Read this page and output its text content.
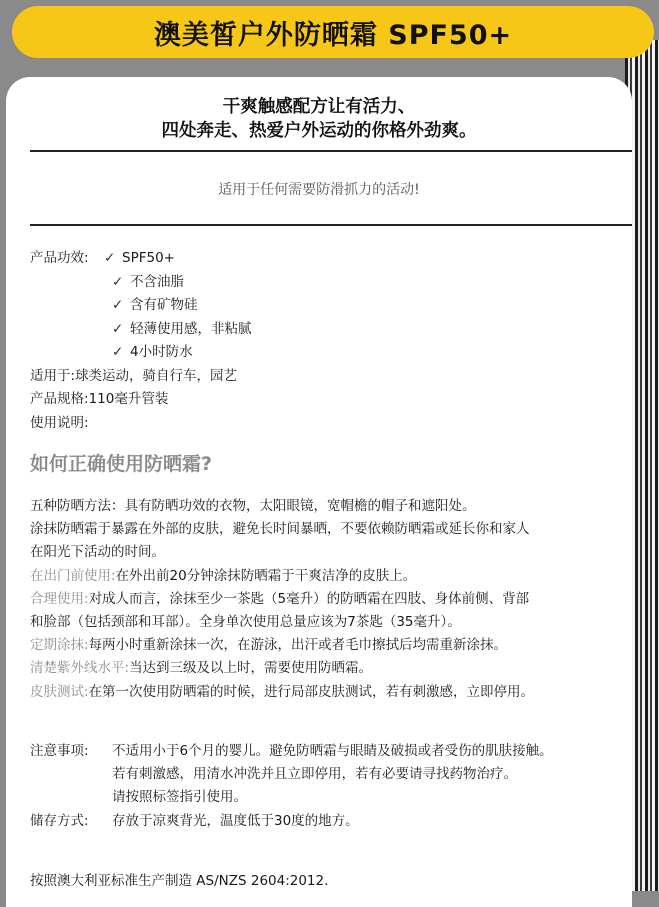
澳美皙户外防晒霜 SPF50+
干爽触感配方让有活力、
四处奔走、热爱户外运动的你格外劲爽。
适用于任何需要防滑抓力的活动!
产品功效:	✓ SPF50+
✓ 不含油脂
✓ 含有矿物硅
✓ 轻薄使用感，非粘腻
✓ 4小时防水
适用于: 球类运动，骑自行车，园艺
产品规格: 110毫升管装
使用说明:
如何正确使用防晒霜?

五种防晒方法：具有防晒功效的衣物，太阳眼镜，宽帽檐的帽子和遮阳处。

涂抹防晒霜于暴露在外部的皮肤，避免长时间暴晒，不要依赖防晒霜或延长你和家人

在阳光下活动的时间。

在出门前使用:在外出前20分钟涂抹防晒霜于干爽洁净的皮肤上。

合理使用:对成人而言，涂抹至少一茶匙（5毫升）的防晒霜在四肢、身体前侧、背部

和脸部（包括颈部和耳部）。全身单次使用总量应该为7茶匙（35毫升）。

定期涂抹:每两小时重新涂抹一次，在游泳，出汗或者毛巾擦拭后均需重新涂抹。

清楚紫外线水平:当达到三级及以上时，需要使用防晒霜。

皮肤测试:在第一次使用防晒霜的时候，进行局部皮肤测试，若有刺激感，立即停用。

注意事项:	不适用小于6个月的婴儿。避免防晒霜与眼睛及破损或者受伤的肌肤接触。
若有刺激感，用清水冲洗并且立即停用，若有必要请寻找药物治疗。
请按照标签指引使用。
储存方式:	存放于凉爽背光，温度低于30度的地方。
按照澳大利亚标准生产制造 AS/NZS 2604:2012.
